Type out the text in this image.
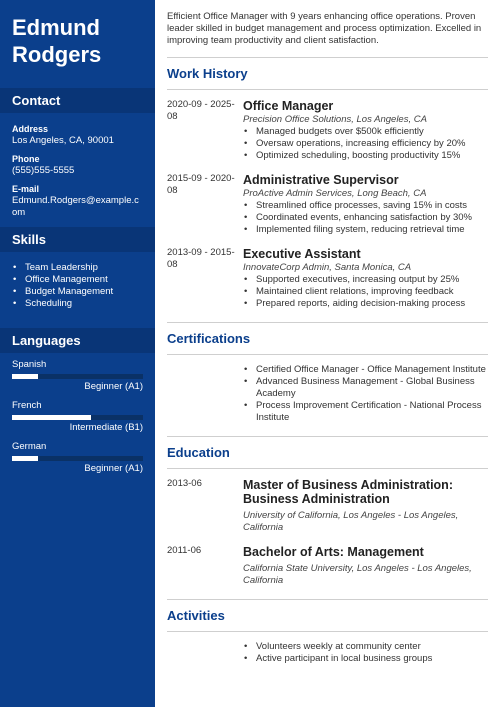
Edmund
Rodgers
Contact
Address
Los Angeles, CA, 90001
Phone
(555)555-5555
E-mail
Edmund.Rodgers@example.com
Skills
• Team Leadership
• Office Management
• Budget Management
• Scheduling
Languages
Spanish
Beginner (A1)
French
Intermediate (B1)
German
Beginner (A1)
Efficient Office Manager with 9 years enhancing office operations. Proven leader skilled in budget management and process optimization. Excelled in improving team productivity and client satisfaction.
Work History
2020-09 - 2025-08
Office Manager
Precision Office Solutions, Los Angeles, CA
• Managed budgets over $500k efficiently
• Oversaw operations, increasing efficiency by 20%
• Optimized scheduling, boosting productivity 15%
2015-09 - 2020-08
Administrative Supervisor
ProActive Admin Services, Long Beach, CA
• Streamlined office processes, saving 15% in costs
• Coordinated events, enhancing satisfaction by 30%
• Implemented filing system, reducing retrieval time
2013-09 - 2015-08
Executive Assistant
InnovateCorp Admin, Santa Monica, CA
• Supported executives, increasing output by 25%
• Maintained client relations, improving feedback
• Prepared reports, aiding decision-making process
Certifications
• Certified Office Manager - Office Management Institute
• Advanced Business Management - Global Business Academy
• Process Improvement Certification - National Process Institute
Education
2013-06	Master of Business Administration: Business Administration
University of California, Los Angeles - Los Angeles, California
2011-06	Bachelor of Arts: Management
California State University, Los Angeles - Los Angeles, California
Activities
• Volunteers weekly at community center
• Active participant in local business groups
